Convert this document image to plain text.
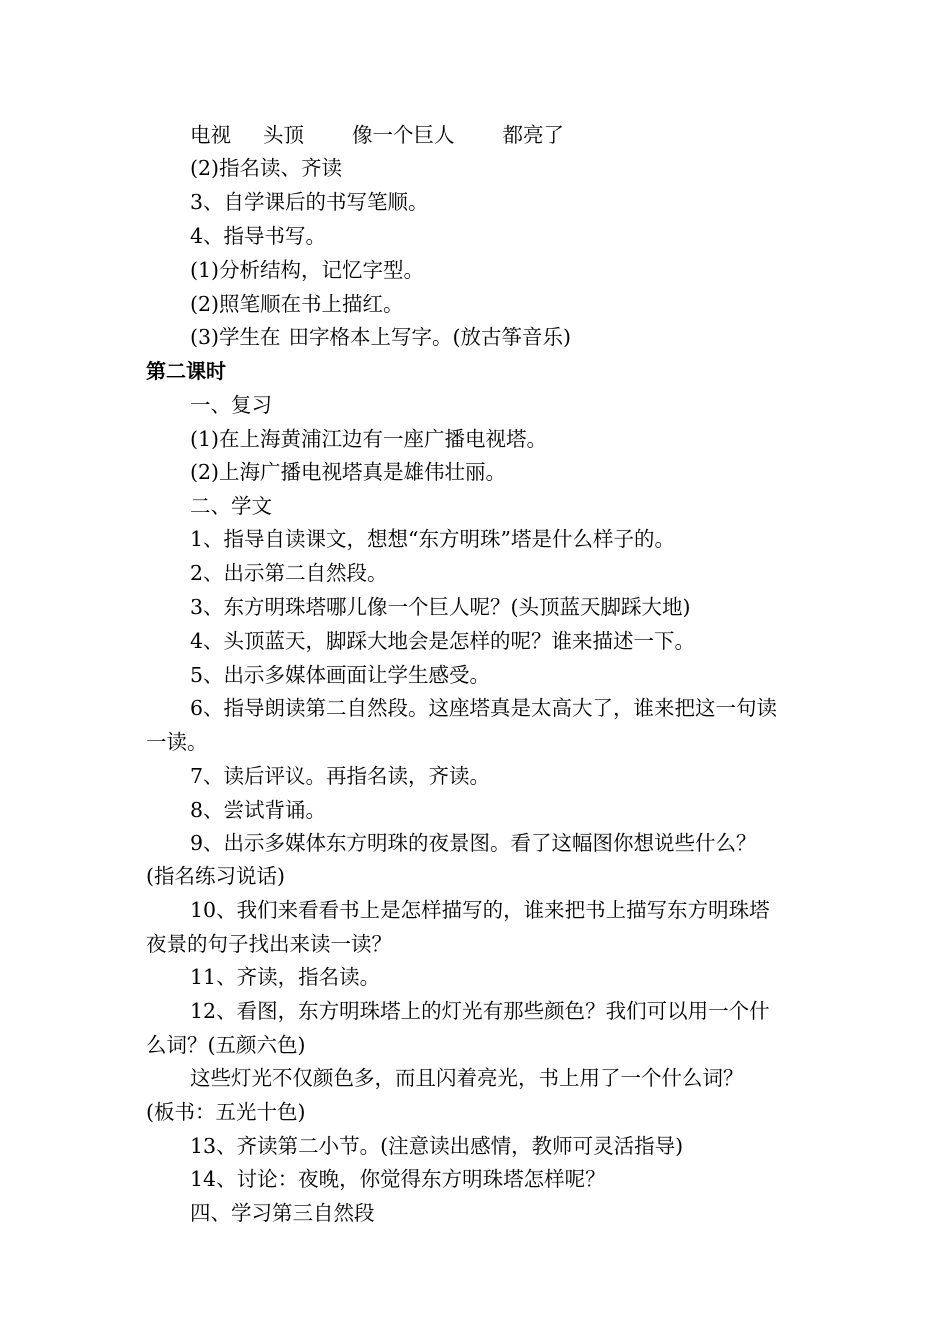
电视 头顶 像一个巨人 都亮了
(2)指名读、齐读
3、自学课后的书写笔顺。
4、指导书写。
(1)分析结构，记忆字型。
(2)照笔顺在书上描红。
(3)学生在 田字格本上写字。(放古筝音乐)
第二课时
一、复习
(1)在上海黄浦江边有一座广播电视塔。
(2)上海广播电视塔真是雄伟壮丽。
二、学文
1、指导自读课文，想想“东方明珠”塔是什么样子的。
2、出示第二自然段。
3、东方明珠塔哪儿像一个巨人呢？(头顶蓝天脚踩大地)
4、头顶蓝天，脚踩大地会是怎样的呢？谁来描述一下。
5、出示多媒体画面让学生感受。
6、指导朗读第二自然段。这座塔真是太高大了，谁来把这一句读
一读。
7、读后评议。再指名读，齐读。
8、尝试背诵。
9、出示多媒体东方明珠的夜景图。看了这幅图你想说些什么？
(指名练习说话)
10、我们来看看书上是怎样描写的，谁来把书上描写东方明珠塔
夜景的句子找出来读一读？
11、齐读，指名读。
12、看图，东方明珠塔上的灯光有那些颜色？我们可以用一个什
么词？(五颜六色)
这些灯光不仅颜色多，而且闪着亮光，书上用了一个什么词？
(板书：五光十色)
13、齐读第二小节。(注意读出感情，教师可灵活指导)
14、讨论：夜晚，你觉得东方明珠塔怎样呢？
四、学习第三自然段
